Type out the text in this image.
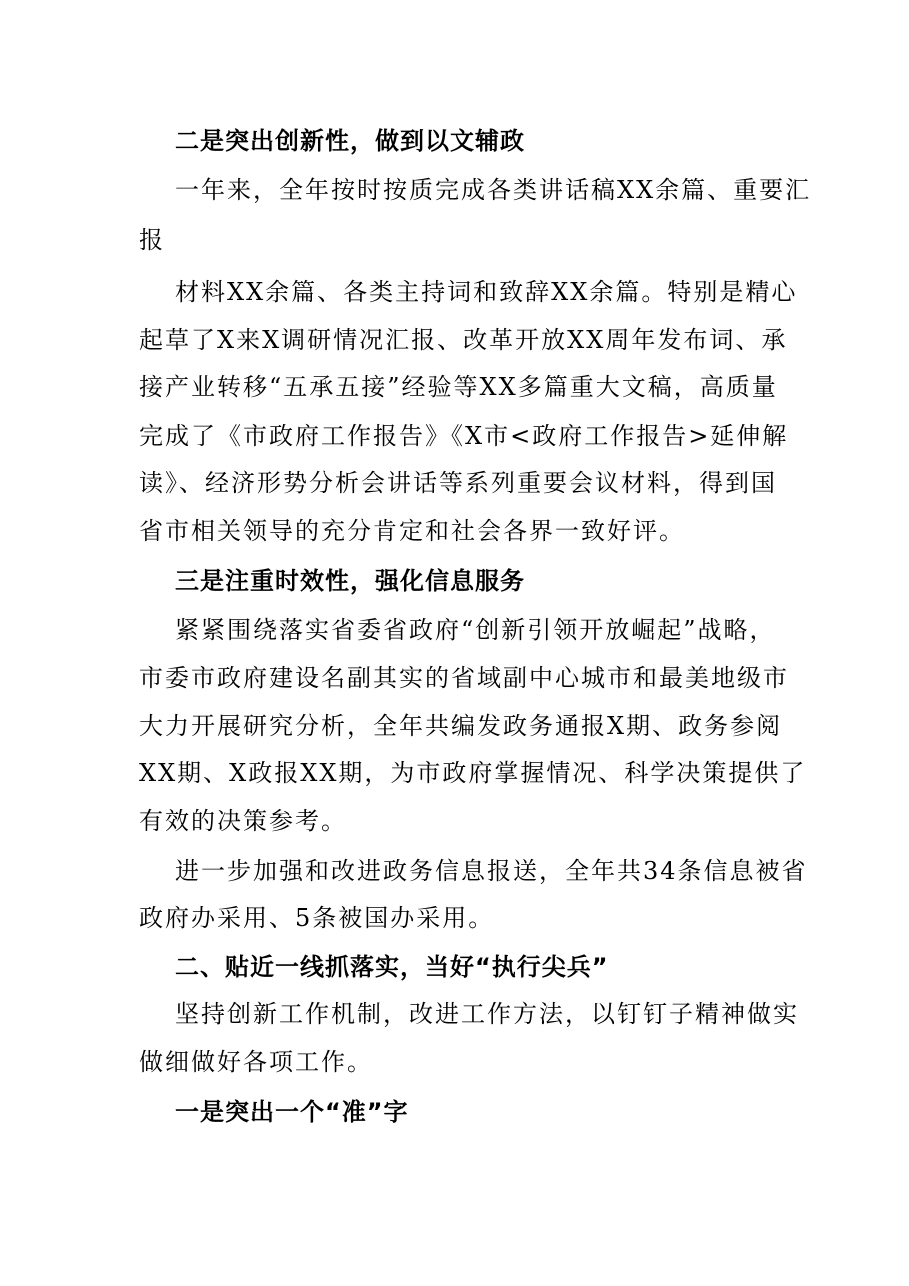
二是突出创新性，做到以文辅政
一年来，全年按时按质完成各类讲话稿XX余篇、重要汇
报
材料XX余篇、各类主持词和致辞XX余篇。特别是精心
起草了X来X调研情况汇报、改革开放XX周年发布词、承
接产业转移“五承五接”经验等XX多篇重大文稿，高质量
完成了《市政府工作报告》《X市<政府工作报告>延伸解
读》、经济形势分析会讲话等系列重要会议材料，得到国
省市相关领导的充分肯定和社会各界一致好评。
三是注重时效性，强化信息服务
紧紧围绕落实省委省政府“创新引领开放崛起”战略，
市委市政府建设名副其实的省域副中心城市和最美地级市
大力开展研究分析，全年共编发政务通报X期、政务参阅
XX期、X政报XX期，为市政府掌握情况、科学决策提供了
有效的决策参考。
进一步加强和改进政务信息报送，全年共34条信息被省
政府办采用、5条被国办采用。
二、贴近一线抓落实，当好“执行尖兵”
坚持创新工作机制，改进工作方法，以钉钉子精神做实
做细做好各项工作。
一是突出一个“准”字
